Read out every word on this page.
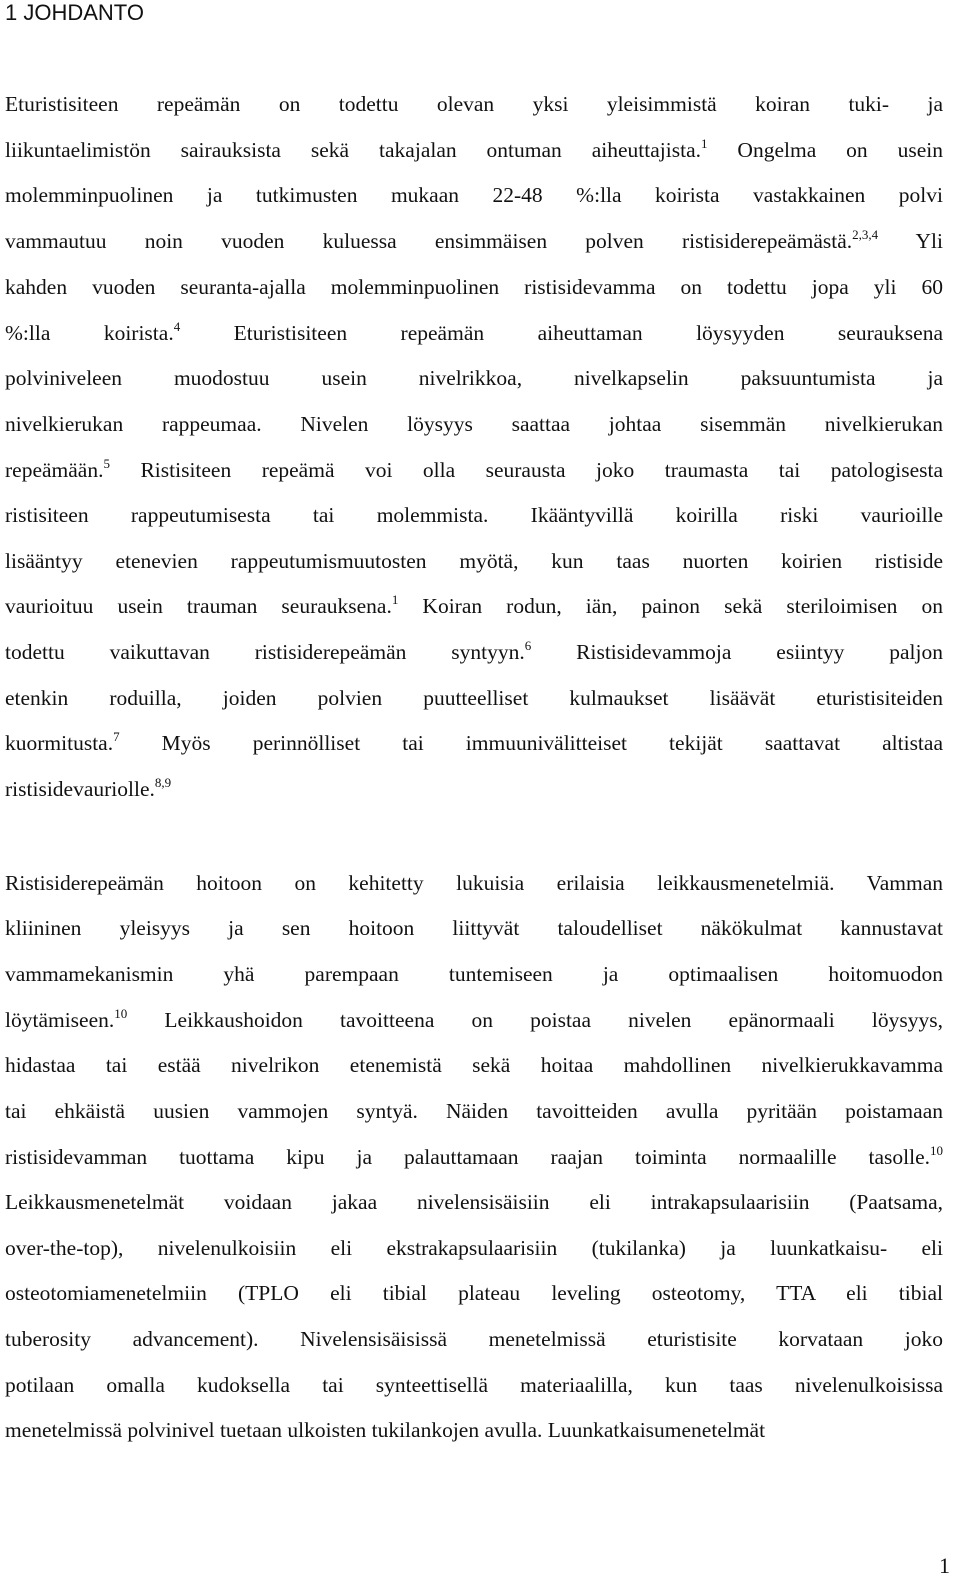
1 JOHDANTO
Eturistisiteen repeämän on todettu olevan yksi yleisimmistä koiran tuki- ja
liikuntaelimistön sairauksista sekä takajalan ontuman aiheuttajista.$^1$ Ongelma on usein
molemminpuolinen ja tutkimusten mukaan 22-48 %:lla koirista vastakkainen polvi
vammautuu noin vuoden kuluessa ensimmäisen polven ristisiderepeämästä.$^{2,3,4}$ Yli
kahden vuoden seuranta-ajalla molemminpuolinen ristisidevamma on todettu jopa yli 60
%:lla koirista.$^4$ Eturistisiteen repeämän aiheuttaman löysyyden seurauksena
polviniveleen muodostuu usein nivelrikkoa, nivelkapselin paksuuntumista ja
nivelkierukan rappeumaa. Nivelen löysyys saattaa johtaa sisemmän nivelkierukan
repeämään.$^5$ Ristisiteen repeämä voi olla seurausta joko traumasta tai patologisesta
ristisiteen rappeutumisesta tai molemmista. Ikääntyvillä koirilla riski vaurioille
lisääntyy etenevien rappeutumismuutosten myötä, kun taas nuorten koirien ristiside
vaurioituu usein trauman seurauksena.$^1$ Koiran rodun, iän, painon sekä steriloimisen on
todettu vaikuttavan ristisiderepeämän syntyyn.$^6$ Ristisidevammoja esiintyy paljon
etenkin roduilla, joiden polvien puutteelliset kulmaukset lisäävät eturistisiteiden
kuormitusta.$^7$ Myös perinnölliset tai immuunivälitteiset tekijät saattavat altistaa
ristisidevauriolle.$^{8,9}$
Ristisiderepeämän hoitoon on kehitetty lukuisia erilaisia leikkausmenetelmiä. Vamman
kliininen yleisyys ja sen hoitoon liittyvät taloudelliset näkökulmat kannustavat
vammamekanismin yhä parempaan tuntemiseen ja optimaalisen hoitomuodon
löytämiseen.$^{10}$ Leikkaushoidon tavoitteena on poistaa nivelen epänormaali löysyys,
hidastaa tai estää nivelrikon etenemistä sekä hoitaa mahdollinen nivelkierukkavamma
tai ehkäistä uusien vammojen syntyä. Näiden tavoitteiden avulla pyritään poistamaan
ristisidevamman tuottama kipu ja palauttamaan raajan toiminta normaalille tasolle.$^{10}$
Leikkausmenetelmät voidaan jakaa nivelensisäisiin eli intrakapsulaarisiin (Paatsama,
over-the-top), nivelenulkoisiin eli ekstrakapsulaarisiin (tukilanka) ja luunkatkaisu- eli
osteotomiamenetelmiin (TPLO eli tibial plateau leveling osteotomy, TTA eli tibial
tuberosity advancement). Nivelensisäisissä menetelmissä eturistisite korvataan joko
potilaan omalla kudoksella tai synteettisellä materiaalilla, kun taas nivelenulkoisissa
menetelmissä polvinivel tuetaan ulkoisten tukilankojen avulla. Luunkatkaisumenetelmät
1
